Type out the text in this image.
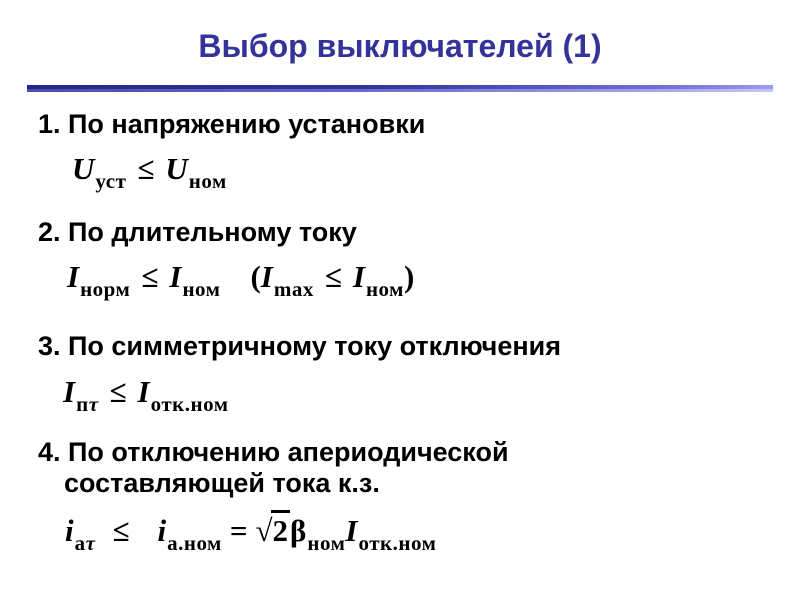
Выбор выключателей (1)
1. По напряжению установки
$U_{уст} \le U_{ном}$
2. По длительному току
$I_{норм} \le I_{ном}$ $(I_{max} \le I_{ном})$
3. По симметричному току отключения
$I_{п\tau} \le I_{отк.ном}$
4. По отключению апериодической
составляющей тока к.з.
$i_{а\tau} \le i_{а.ном} = √2\beta_{ном}I_{отк.ном}$
